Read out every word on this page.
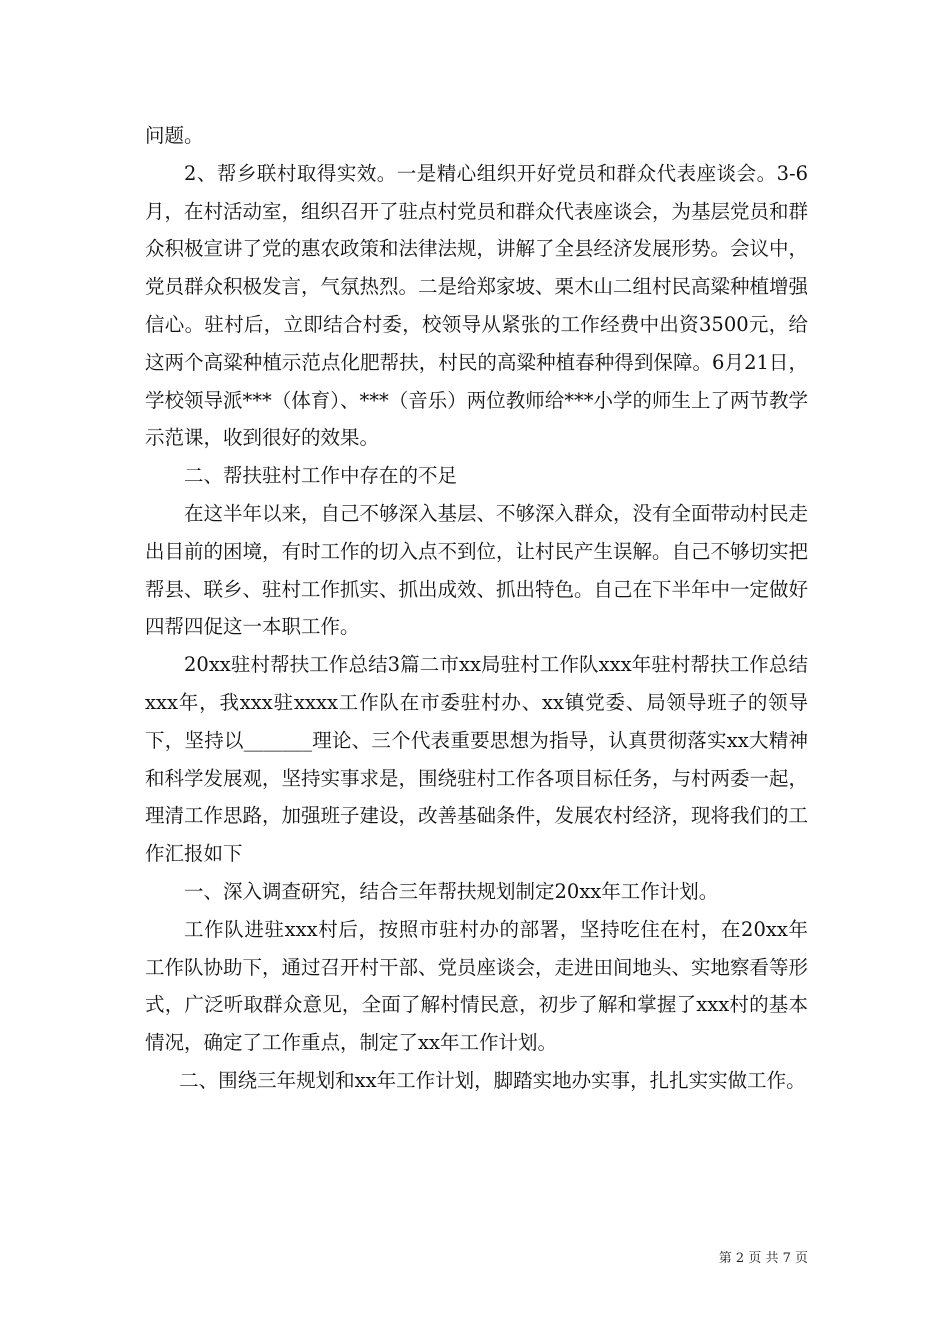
问题。

2、帮乡联村取得实效。一是精心组织开好党员和群众代表座谈会。3-6月，在村活动室，组织召开了驻点村党员和群众代表座谈会，为基层党员和群众积极宣讲了党的惠农政策和法律法规，讲解了全县经济发展形势。会议中，党员群众积极发言，气氛热烈。二是给郑家坡、栗木山二组村民高粱种植增强信心。驻村后，立即结合村委，校领导从紧张的工作经费中出资3500元，给这两个高粱种植示范点化肥帮扶，村民的高粱种植春种得到保障。6月21日，学校领导派***（体育）、***（音乐）两位教师给***小学的师生上了两节教学示范课，收到很好的效果。

二、帮扶驻村工作中存在的不足

在这半年以来，自己不够深入基层、不够深入群众，没有全面带动村民走出目前的困境，有时工作的切入点不到位，让村民产生误解。自己不够切实把帮县、联乡、驻村工作抓实、抓出成效、抓出特色。自己在下半年中一定做好四帮四促这一本职工作。

20xx驻村帮扶工作总结3篇二市xx局驻村工作队xxx年驻村帮扶工作总结xxx年，我xxx驻xxxx工作队在市委驻村办、xx镇党委、局领导班子的领导下，坚持以_______理论、三个代表重要思想为指导，认真贯彻落实xx大精神和科学发展观，坚持实事求是，围绕驻村工作各项目标任务，与村两委一起，理清工作思路，加强班子建设，改善基础条件，发展农村经济，现将我们的工作汇报如下

一、深入调查研究，结合三年帮扶规划制定20xx年工作计划。

工作队进驻xxx村后，按照市驻村办的部署，坚持吃住在村，在20xx年工作队协助下，通过召开村干部、党员座谈会，走进田间地头、实地察看等形式，广泛听取群众意见，全面了解村情民意，初步了解和掌握了xxx村的基本情况，确定了工作重点，制定了xx年工作计划。

二、围绕三年规划和xx年工作计划，脚踏实地办实事，扎扎实实做工作。

第 2 页 共 7 页
